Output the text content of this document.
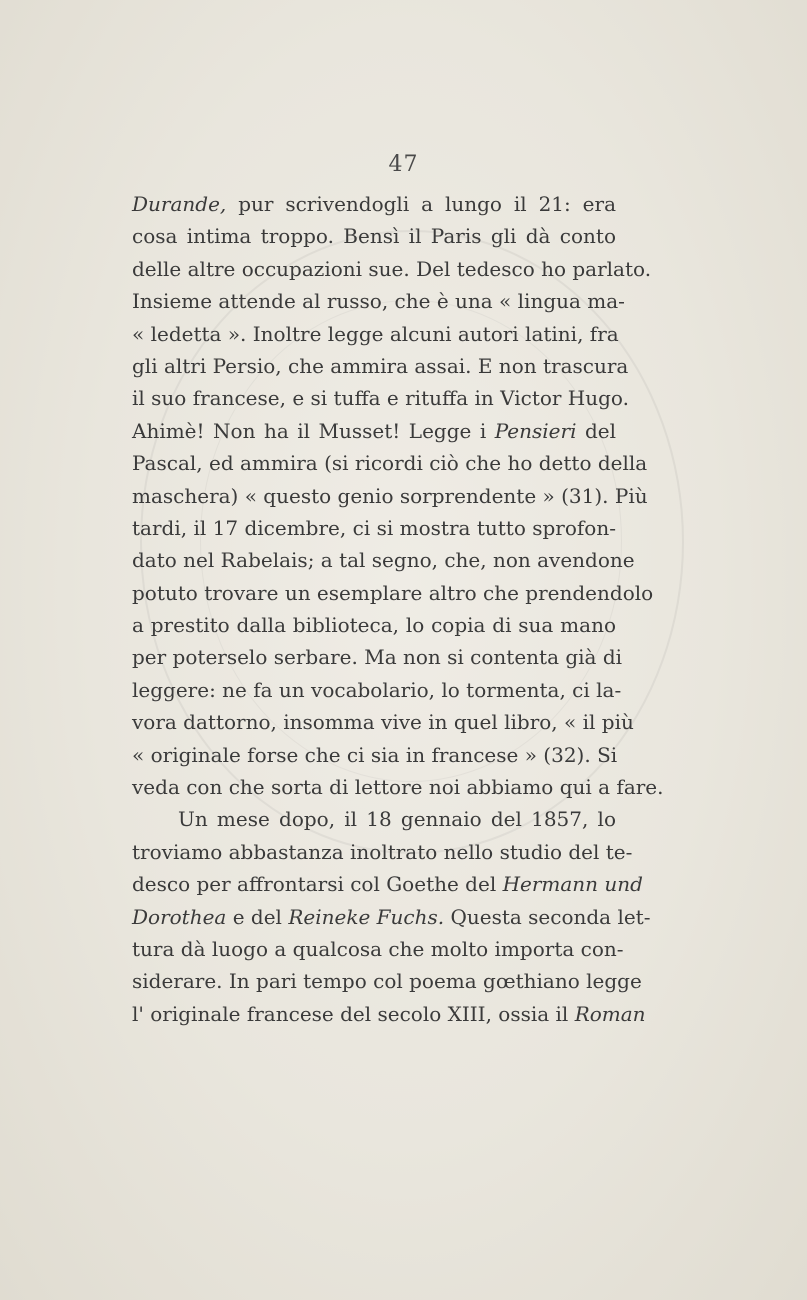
47
Durande, pur scrivendogli a lungo il 21: era
cosa intima troppo. Bensì il Paris gli dà conto
delle altre occupazioni sue. Del tedesco ho parlato.
Insieme attende al russo, che è una « lingua ma-
« ledetta ». Inoltre legge alcuni autori latini, fra
gli altri Persio, che ammira assai. E non trascura
il suo francese, e si tuffa e rituffa in Victor Hugo.
Ahimè! Non ha il Musset! Legge i Pensieri del
Pascal, ed ammira (si ricordi ciò che ho detto della
maschera) « questo genio sorprendente » (31). Più
tardi, il 17 dicembre, ci si mostra tutto sprofon-
dato nel Rabelais; a tal segno, che, non avendone
potuto trovare un esemplare altro che prendendolo
a prestito dalla biblioteca, lo copia di sua mano
per poterselo serbare. Ma non si contenta già di
leggere: ne fa un vocabolario, lo tormenta, ci la-
vora dattorno, insomma vive in quel libro, « il più
« originale forse che ci sia in francese » (32). Si
veda con che sorta di lettore noi abbiamo qui a fare.
Un mese dopo, il 18 gennaio del 1857, lo
troviamo abbastanza inoltrato nello studio del te-
desco per affrontarsi col Goethe del Hermann und
Dorothea e del Reineke Fuchs. Questa seconda let-
tura dà luogo a qualcosa che molto importa con-
siderare. In pari tempo col poema gœthiano legge
l' originale francese del secolo XIII, ossia il Roman
